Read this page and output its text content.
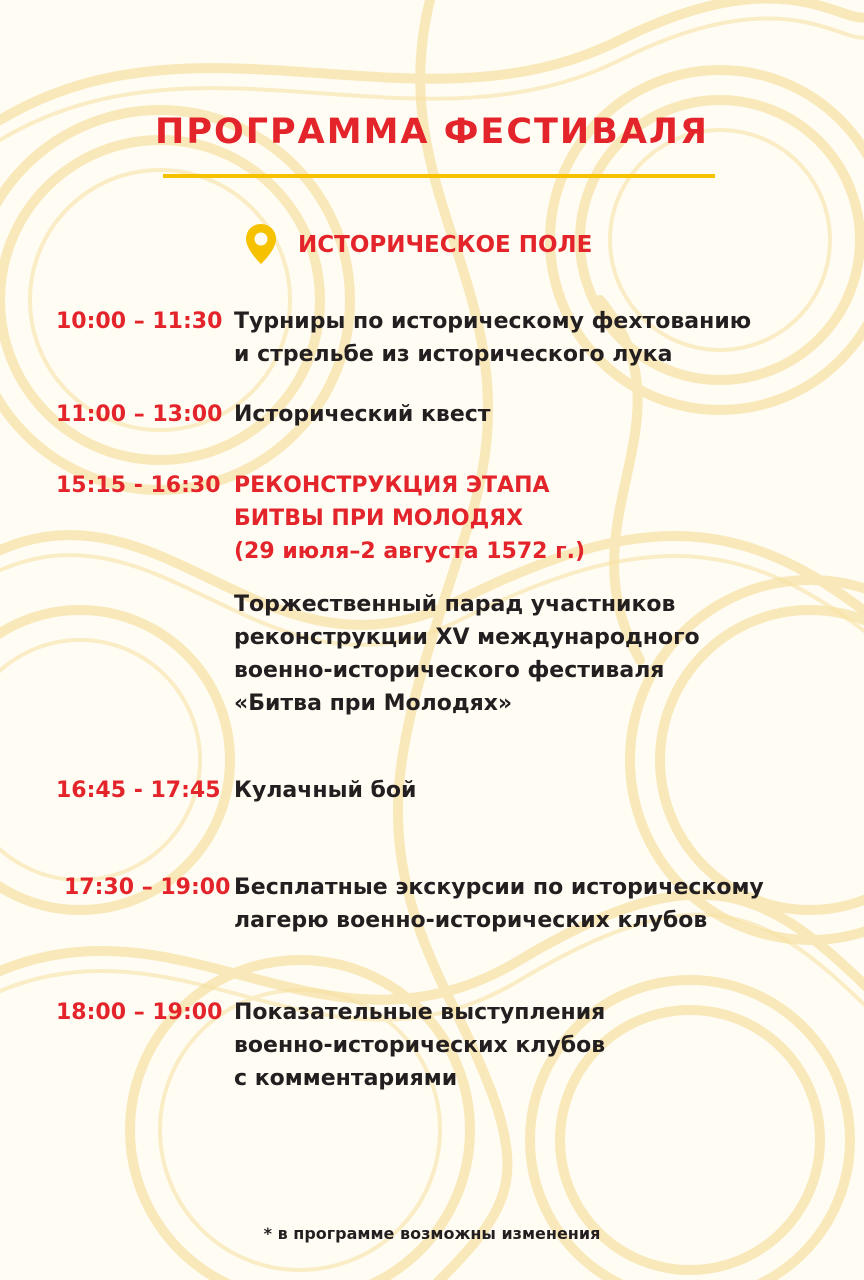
ПРОГРАММА ФЕСТИВАЛЯ
ИСТОРИЧЕСКОЕ ПОЛЕ
10:00 – 11:30 Турниры по историческому фехтованию
и стрельбе из исторического лука
11:00 – 13:00 Исторический квест
15:15 - 16:30 РЕКОНСТРУКЦИЯ ЭТАПА
БИТВЫ ПРИ МОЛОДЯХ
(29 июля–2 августа 1572 г.)
Торжественный парад участников
реконструкции XV международного
военно-исторического фестиваля
«Битва при Молодях»
16:45 - 17:45 Кулачный бой
17:30 – 19:00 Бесплатные экскурсии по историческому
лагерю военно-исторических клубов
18:00 – 19:00 Показательные выступления
военно-исторических клубов
с комментариями
* в программе возможны изменения
